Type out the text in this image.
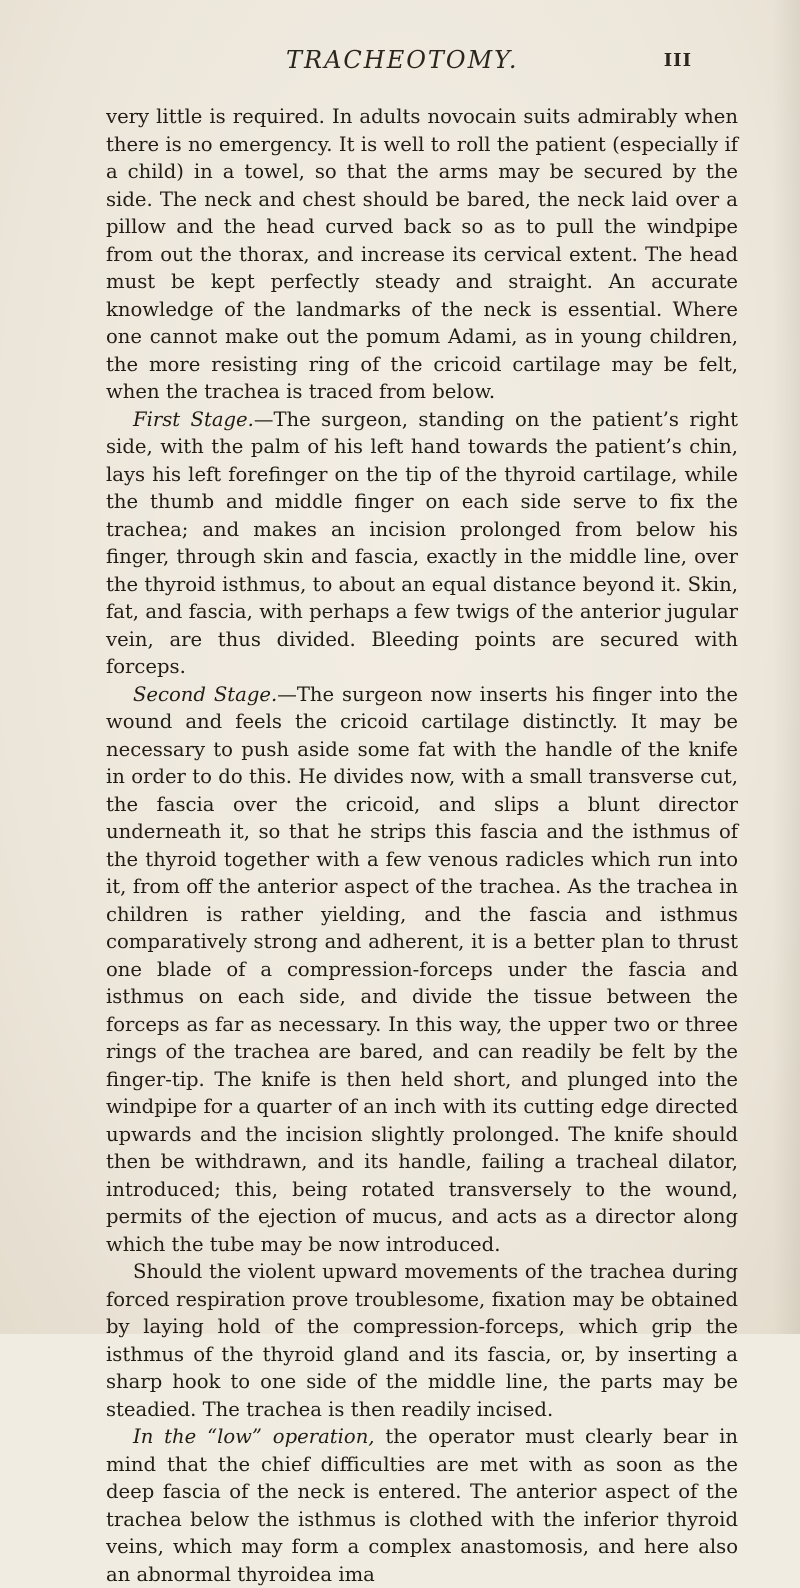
TRACHEOTOMY.	III

very little is required. In adults novocain suits admirably when there is no emergency. It is well to roll the patient (especially if a child) in a towel, so that the arms may be secured by the side. The neck and chest should be bared, the neck laid over a pillow and the head curved back so as to pull the windpipe from out the thorax, and increase its cervical extent. The head must be kept perfectly steady and straight. An accurate knowledge of the landmarks of the neck is essential. Where one cannot make out the pomum Adami, as in young children, the more resisting ring of the cricoid cartilage may be felt, when the trachea is traced from below.

First Stage.—The surgeon, standing on the patient’s right side, with the palm of his left hand towards the patient’s chin, lays his left forefinger on the tip of the thyroid cartilage, while the thumb and middle finger on each side serve to fix the trachea; and makes an incision prolonged from below his finger, through skin and fascia, exactly in the middle line, over the thyroid isthmus, to about an equal distance beyond it. Skin, fat, and fascia, with perhaps a few twigs of the anterior jugular vein, are thus divided. Bleeding points are secured with forceps.

Second Stage.—The surgeon now inserts his finger into the wound and feels the cricoid cartilage distinctly. It may be necessary to push aside some fat with the handle of the knife in order to do this. He divides now, with a small transverse cut, the fascia over the cricoid, and slips a blunt director underneath it, so that he strips this fascia and the isthmus of the thyroid together with a few venous radicles which run into it, from off the anterior aspect of the trachea. As the trachea in children is rather yielding, and the fascia and isthmus comparatively strong and adherent, it is a better plan to thrust one blade of a compression-forceps under the fascia and isthmus on each side, and divide the tissue between the forceps as far as necessary. In this way, the upper two or three rings of the trachea are bared, and can readily be felt by the finger-tip. The knife is then held short, and plunged into the windpipe for a quarter of an inch with its cutting edge directed upwards and the incision slightly prolonged. The knife should then be withdrawn, and its handle, failing a tracheal dilator, introduced; this, being rotated transversely to the wound, permits of the ejection of mucus, and acts as a director along which the tube may be now introduced.

Should the violent upward movements of the trachea during forced respiration prove troublesome, fixation may be obtained by laying hold of the compression-forceps, which grip the isthmus of the thyroid gland and its fascia, or, by inserting a sharp hook to one side of the middle line, the parts may be steadied. The trachea is then readily incised.

In the “low” operation, the operator must clearly bear in mind that the chief difficulties are met with as soon as the deep fascia of the neck is entered. The anterior aspect of the trachea below the isthmus is clothed with the inferior thyroid veins, which may form a complex anastomosis, and here also an abnormal thyroidea ima
